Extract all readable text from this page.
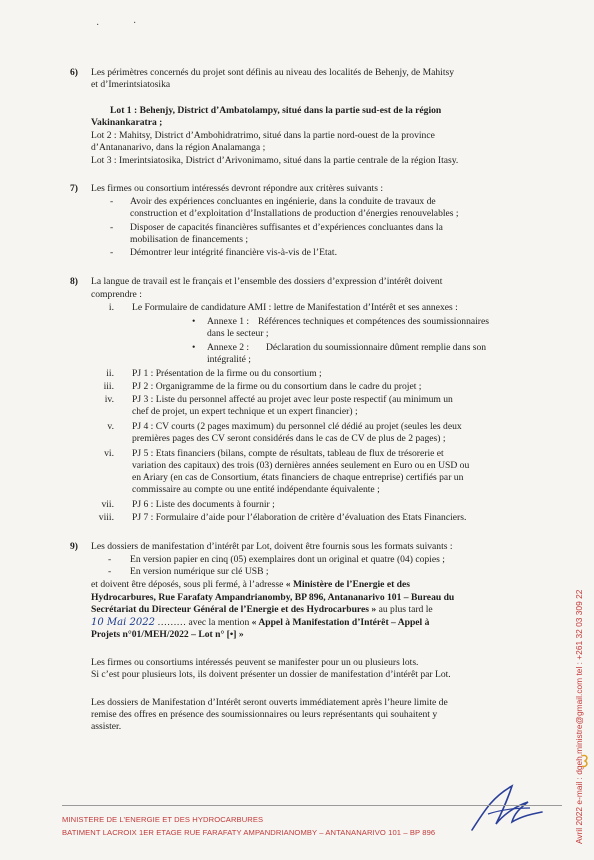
·	·
6) Les périmètres concernés du projet sont définis au niveau des localités de Behenjy, de Mahitsy
et d’Imerintsiatosika
Lot 1 : Behenjy, District d’Ambatolampy, situé dans la partie sud-est de la région
Vakinankaratra ;
Lot 2 : Mahitsy, District d’Ambohidratrimo, situé dans la partie nord-ouest de la province
d’Antananarivo, dans la région Analamanga ;
Lot 3 : Imerintsiatosika, District d’Arivonimamo, situé dans la partie centrale de la région Itasy.
7) Les firmes ou consortium intéressés devront répondre aux critères suivants :
- Avoir des expériences concluantes en ingénierie, dans la conduite de travaux de
construction et d’exploitation d’Installations de production d’énergies renouvelables ;
- Disposer de capacités financières suffisantes et d’expériences concluantes dans la
mobilisation de financements ;
- Démontrer leur intégrité financière vis-à-vis de l’Etat.
8) La langue de travail est le français et l’ensemble des dossiers d’expression d’intérêt doivent
comprendre :
i. Le Formulaire de candidature AMI : lettre de Manifestation d’Intérêt et ses annexes :
• Annexe 1 : Références techniques et compétences des soumissionnaires
dans le secteur ;
• Annexe 2 : Déclaration du soumissionnaire dûment remplie dans son
intégralité ;
ii. PJ 1 : Présentation de la firme ou du consortium ;
iii. PJ 2 : Organigramme de la firme ou du consortium dans le cadre du projet ;
iv. PJ 3 : Liste du personnel affecté au projet avec leur poste respectif (au minimum un
chef de projet, un expert technique et un expert financier) ;
v. PJ 4 : CV courts (2 pages maximum) du personnel clé dédié au projet (seules les deux
premières pages des CV seront considérés dans le cas de CV de plus de 2 pages) ;
vi. PJ 5 : Etats financiers (bilans, compte de résultats, tableau de flux de trésorerie et
variation des capitaux) des trois (03) dernières années seulement en Euro ou en USD ou
en Ariary (en cas de Consortium, états financiers de chaque entreprise) certifiés par un
commissaire au compte ou une entité indépendante équivalente ;
vii. PJ 6 : Liste des documents à fournir ;
viii. PJ 7 : Formulaire d’aide pour l’élaboration de critère d’évaluation des Etats Financiers.
9) Les dossiers de manifestation d’intérêt par Lot, doivent être fournis sous les formats suivants :
- En version papier en cinq (05) exemplaires dont un original et quatre (04) copies ;
- En version numérique sur clé USB ;
et doivent être déposés, sous pli fermé, à l’adresse « Ministère de l’Energie et des
Hydrocarbures, Rue Farafaty Ampandrianomby, BP 896, Antananarivo 101 – Bureau du
Secrétariat du Directeur Général de l’Energie et des Hydrocarbures » au plus tard le
10 Mai 2022 ……… avec la mention « Appel à Manifestation d’Intérêt – Appel à
Projets n°01/MEH/2022 – Lot n° [•] »
Les firmes ou consortiums intéressés peuvent se manifester pour un ou plusieurs lots.
Si c’est pour plusieurs lots, ils doivent présenter un dossier de manifestation d’intérêt par Lot.
Les dossiers de Manifestation d’Intérêt seront ouverts immédiatement après l’heure limite de
remise des offres en présence des soumissionnaires ou leurs représentants qui souhaitent y
assister.
MINISTERE DE L’ENERGIE ET DES HYDROCARBURES
BATIMENT LACROIX 1ER ETAGE RUE FARAFATY AMPANDRIANOMBY – ANTANANARIVO 101 – BP 896	Avril 2022 e-mail : dgeh.ministre@gmail.com tel : +261 32 03 309 22
